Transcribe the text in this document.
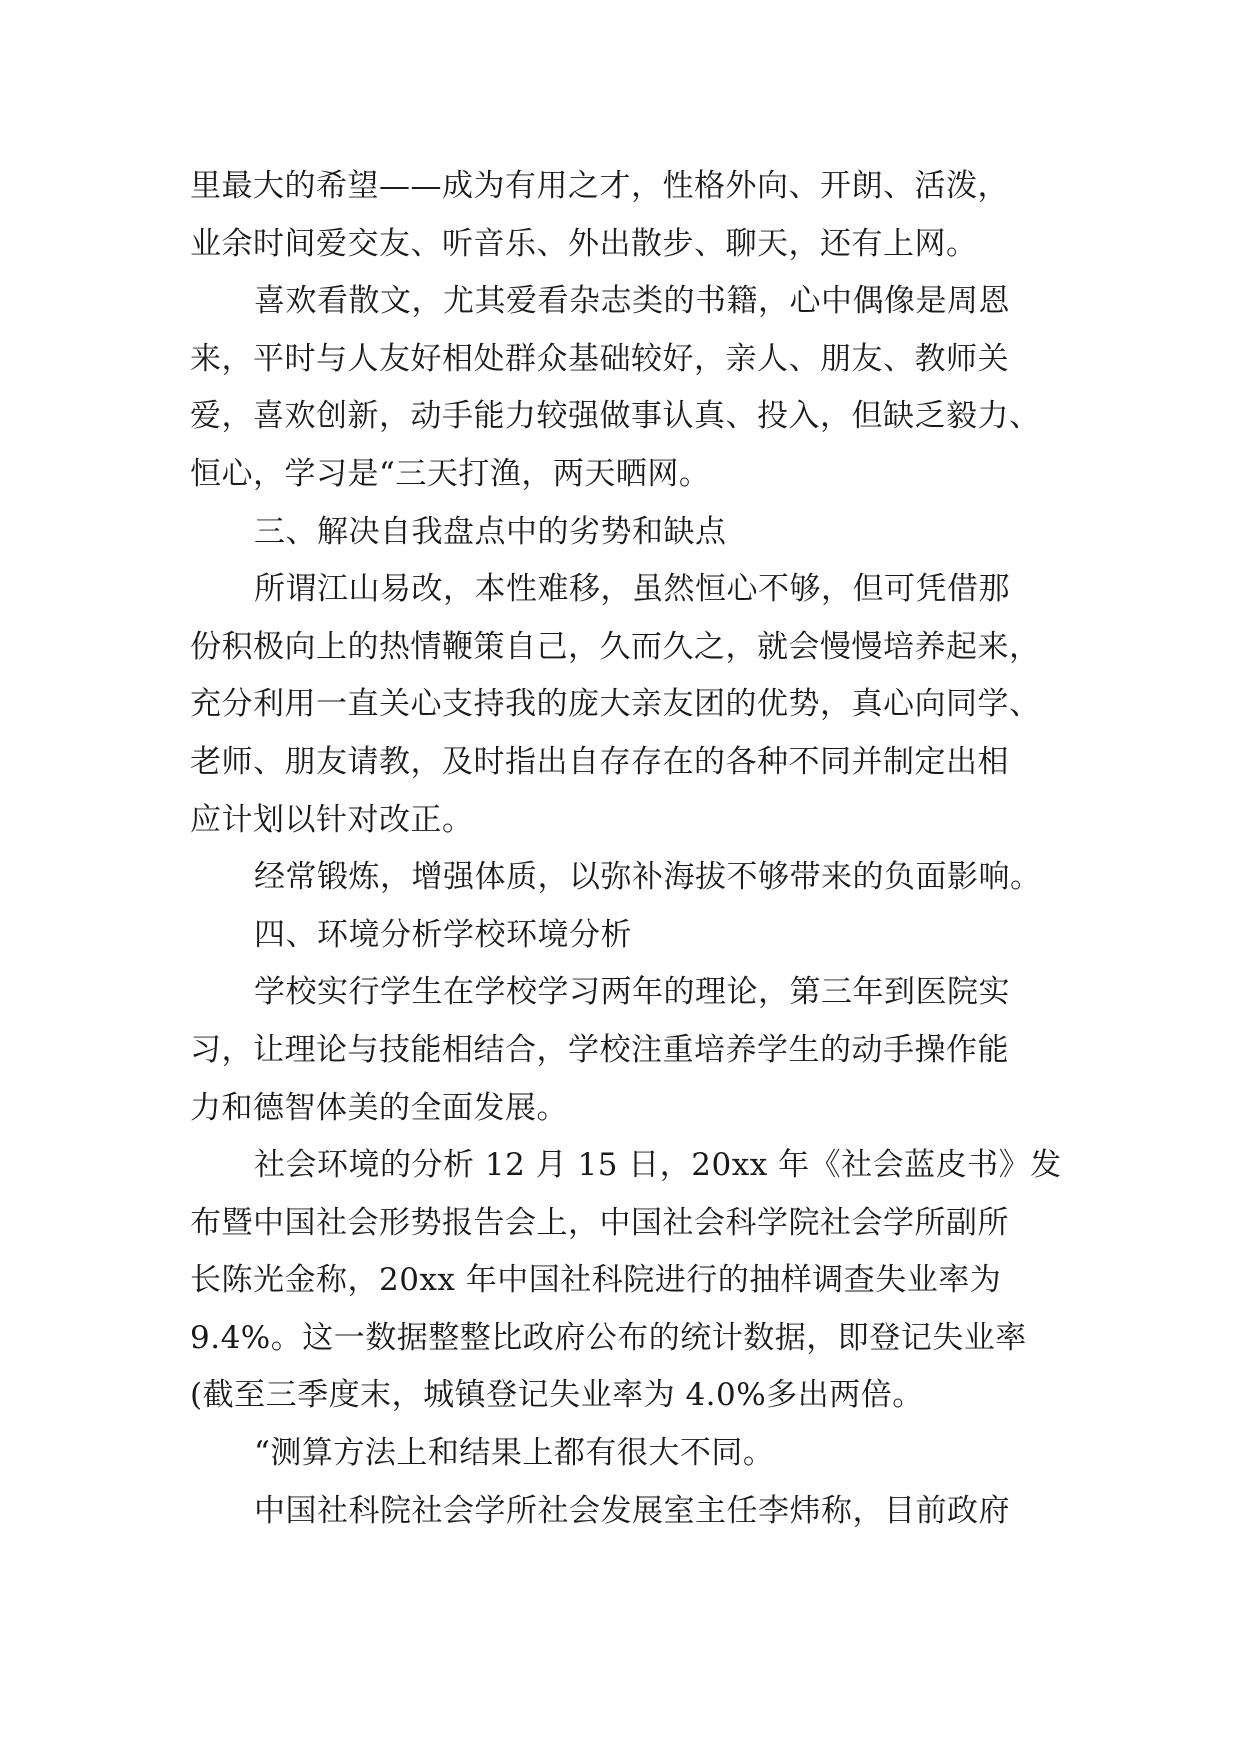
里最大的希望——成为有用之才，性格外向、开朗、活泼，
业余时间爱交友、听音乐、外出散步、聊天，还有上网。
喜欢看散文，尤其爱看杂志类的书籍，心中偶像是周恩
来，平时与人友好相处群众基础较好，亲人、朋友、教师关
爱，喜欢创新，动手能力较强做事认真、投入，但缺乏毅力、
恒心，学习是“三天打渔，两天晒网。
三、解决自我盘点中的劣势和缺点
所谓江山易改，本性难移，虽然恒心不够，但可凭借那
份积极向上的热情鞭策自己，久而久之，就会慢慢培养起来，
充分利用一直关心支持我的庞大亲友团的优势，真心向同学、
老师、朋友请教，及时指出自存存在的各种不同并制定出相
应计划以针对改正。
经常锻炼，增强体质，以弥补海拔不够带来的负面影响。
四、环境分析学校环境分析
学校实行学生在学校学习两年的理论，第三年到医院实
习，让理论与技能相结合，学校注重培养学生的动手操作能
力和德智体美的全面发展。
社会环境的分析 12 月 15 日，20xx 年《社会蓝皮书》发
布暨中国社会形势报告会上，中国社会科学院社会学所副所
长陈光金称，20xx 年中国社科院进行的抽样调查失业率为
9.4%。这一数据整整比政府公布的统计数据，即登记失业率
(截至三季度末，城镇登记失业率为 4.0%多出两倍。
“测算方法上和结果上都有很大不同。
中国社科院社会学所社会发展室主任李炜称，目前政府
